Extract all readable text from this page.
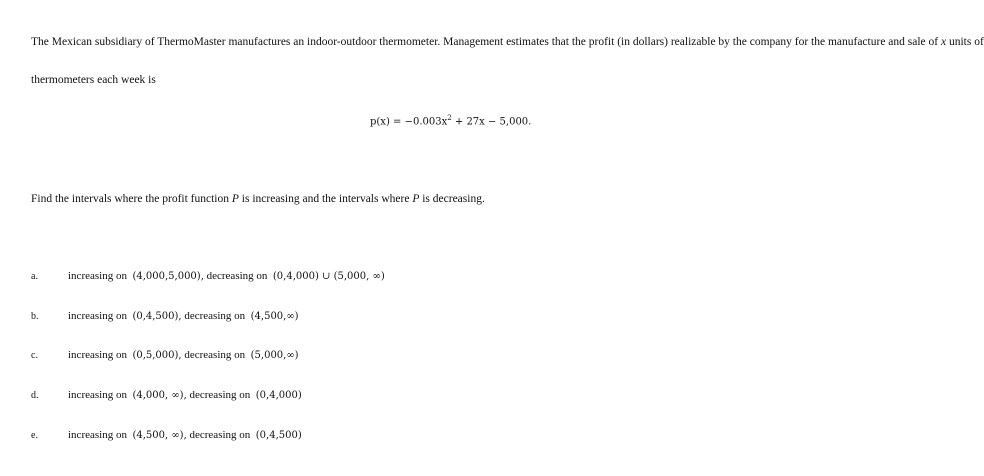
The Mexican subsidiary of ThermoMaster manufactures an indoor-outdoor thermometer. Management estimates that the profit (in dollars) realizable by the company for the manufacture and sale of x units of
thermometers each week is
$p(x) = -0.003x^2 + 27x - 5,000$.
Find the intervals where the profit function P is increasing and the intervals where P is decreasing.
a.	increasing on (4,000,5,000), decreasing on (0,4,000) ∪ (5,000, ∞)
b.	increasing on (0,4,500), decreasing on (4,500,∞)
c.	increasing on (0,5,000), decreasing on (5,000,∞)
d.	increasing on (4,000, ∞), decreasing on (0,4,000)
e.	increasing on (4,500, ∞), decreasing on (0,4,500)
